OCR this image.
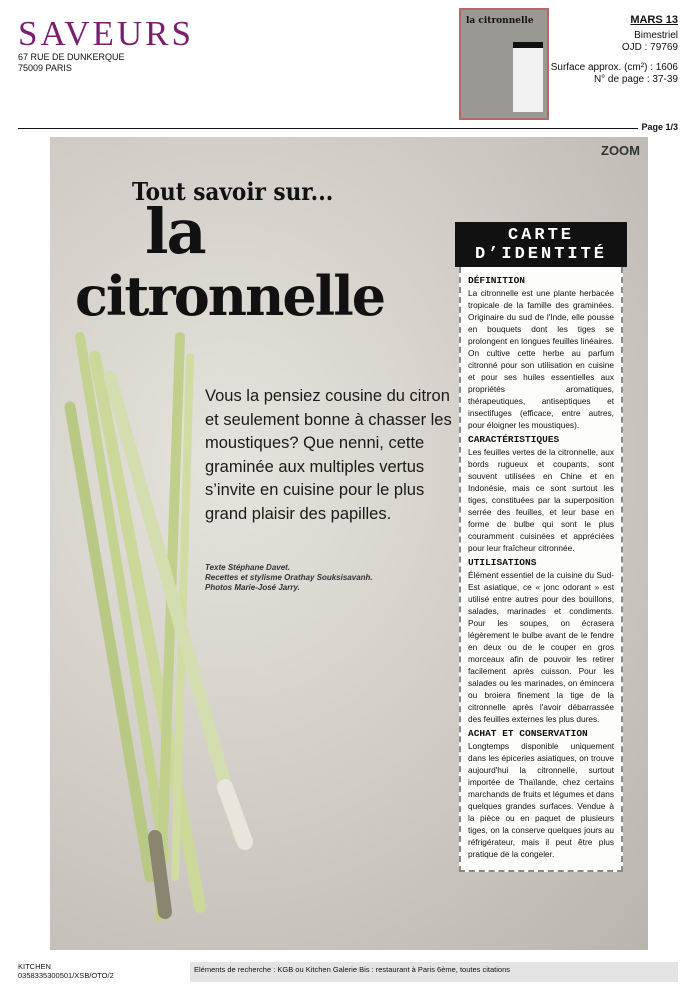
SAVEURS
67 RUE DE DUNKERQUE
75009 PARIS
la citronnelle	MARS 13
Bimestriel
OJD : 79769
Surface approx. (cm²) : 1606
N° de page : 37-39
Page 1/3
ZOOM
Tout savoir sur...
la
citronnelle
Vous la pensiez cousine du citron et seulement bonne à chasser les moustiques? Que nenni, cette graminée aux multiples vertus s’invite en cuisine pour le plus grand plaisir des papilles.
Texte Stéphane Davet.
Recettes et stylisme Orathay Souksisavanh.
Photos Marie-José Jarry.
CARTE D’IDENTITÉ
DÉFINITION
La citronnelle est une plante herbacée tropicale de la famille des graminées. Originaire du sud de l'Inde, elle pousse en bouquets dont les tiges se prolongent en longues feuilles linéaires. On cultive cette herbe au parfum citronné pour son utilisation en cuisine et pour ses huiles essentielles aux propriétés aromatiques, thérapeutiques, antiseptiques et insectifuges (efficace, entre autres, pour éloigner les moustiques).
CARACTÉRISTIQUES
Les feuilles vertes de la citronnelle, aux bords rugueux et coupants, sont souvent utilisées en Chine et en Indonésie, mais ce sont surtout les tiges, constituées par la superposition serrée des feuilles, et leur base en forme de bulbe qui sont le plus couramment cuisinées et appréciées pour leur fraîcheur citronnée.
UTILISATIONS
Élément essentiel de la cuisine du Sud-Est asiatique, ce « jonc odorant » est utilisé entre autres pour des bouillons, salades, marinades et condiments. Pour les soupes, on écrasera légèrement le bulbe avant de le fendre en deux ou de le couper en gros morceaux afin de pouvoir les retirer facilement après cuisson. Pour les salades ou les marinades, on émincera ou broiera finement la tige de la citronnelle après l'avoir débarrassée des feuilles externes les plus dures.
ACHAT ET CONSERVATION
Longtemps disponible uniquement dans les épiceries asiatiques, on trouve aujourd'hui la citronnelle, surtout importée de Thaïlande, chez certains marchands de fruits et légumes et dans quelques grandes surfaces. Vendue à la pièce ou en paquet de plusieurs tiges, on la conserve quelques jours au réfrigérateur, mais il peut être plus pratique de la congeler.
KITCHEN
0358335300501/XSB/OTO/2
Eléments de recherche : KGB ou Kitchen Galerie Bis : restaurant à Paris 6ème, toutes citations
